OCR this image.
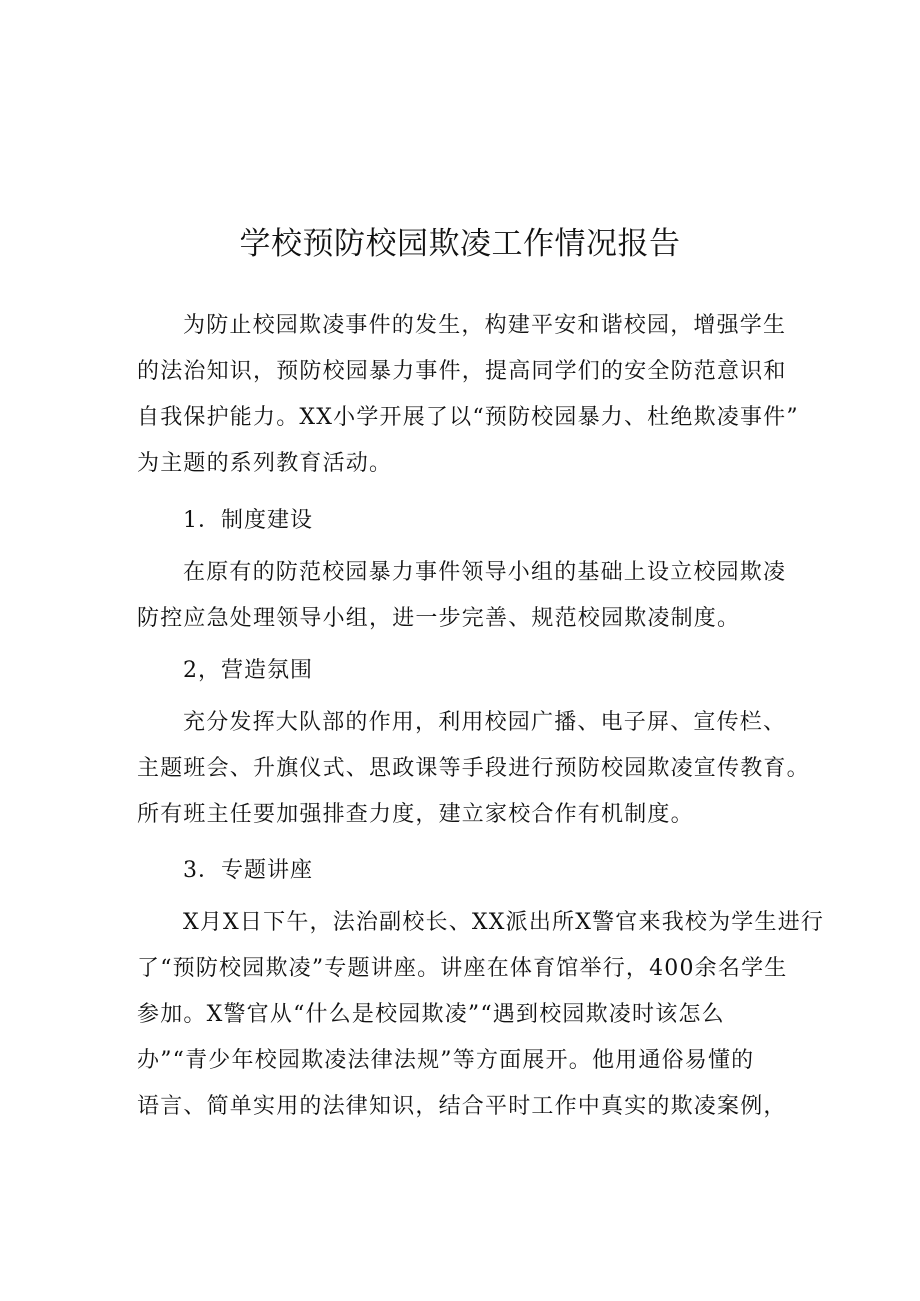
学校预防校园欺凌工作情况报告
为防止校园欺凌事件的发生，构建平安和谐校园，增强学生
的法治知识，预防校园暴力事件，提高同学们的安全防范意识和
自我保护能力。XX小学开展了以“预防校园暴力、杜绝欺凌事件”
为主题的系列教育活动。
1．制度建设
在原有的防范校园暴力事件领导小组的基础上设立校园欺凌
防控应急处理领导小组，进一步完善、规范校园欺凌制度。
2，营造氛围
充分发挥大队部的作用，利用校园广播、电子屏、宣传栏、
主题班会、升旗仪式、思政课等手段进行预防校园欺凌宣传教育。
所有班主任要加强排查力度，建立家校合作有机制度。
3．专题讲座
X月X日下午，法治副校长、XX派出所X警官来我校为学生进行
了“预防校园欺凌”专题讲座。讲座在体育馆举行，400余名学生
参加。X警官从“什么是校园欺凌”“遇到校园欺凌时该怎么
办”“青少年校园欺凌法律法规”等方面展开。他用通俗易懂的
语言、简单实用的法律知识，结合平时工作中真实的欺凌案例，
